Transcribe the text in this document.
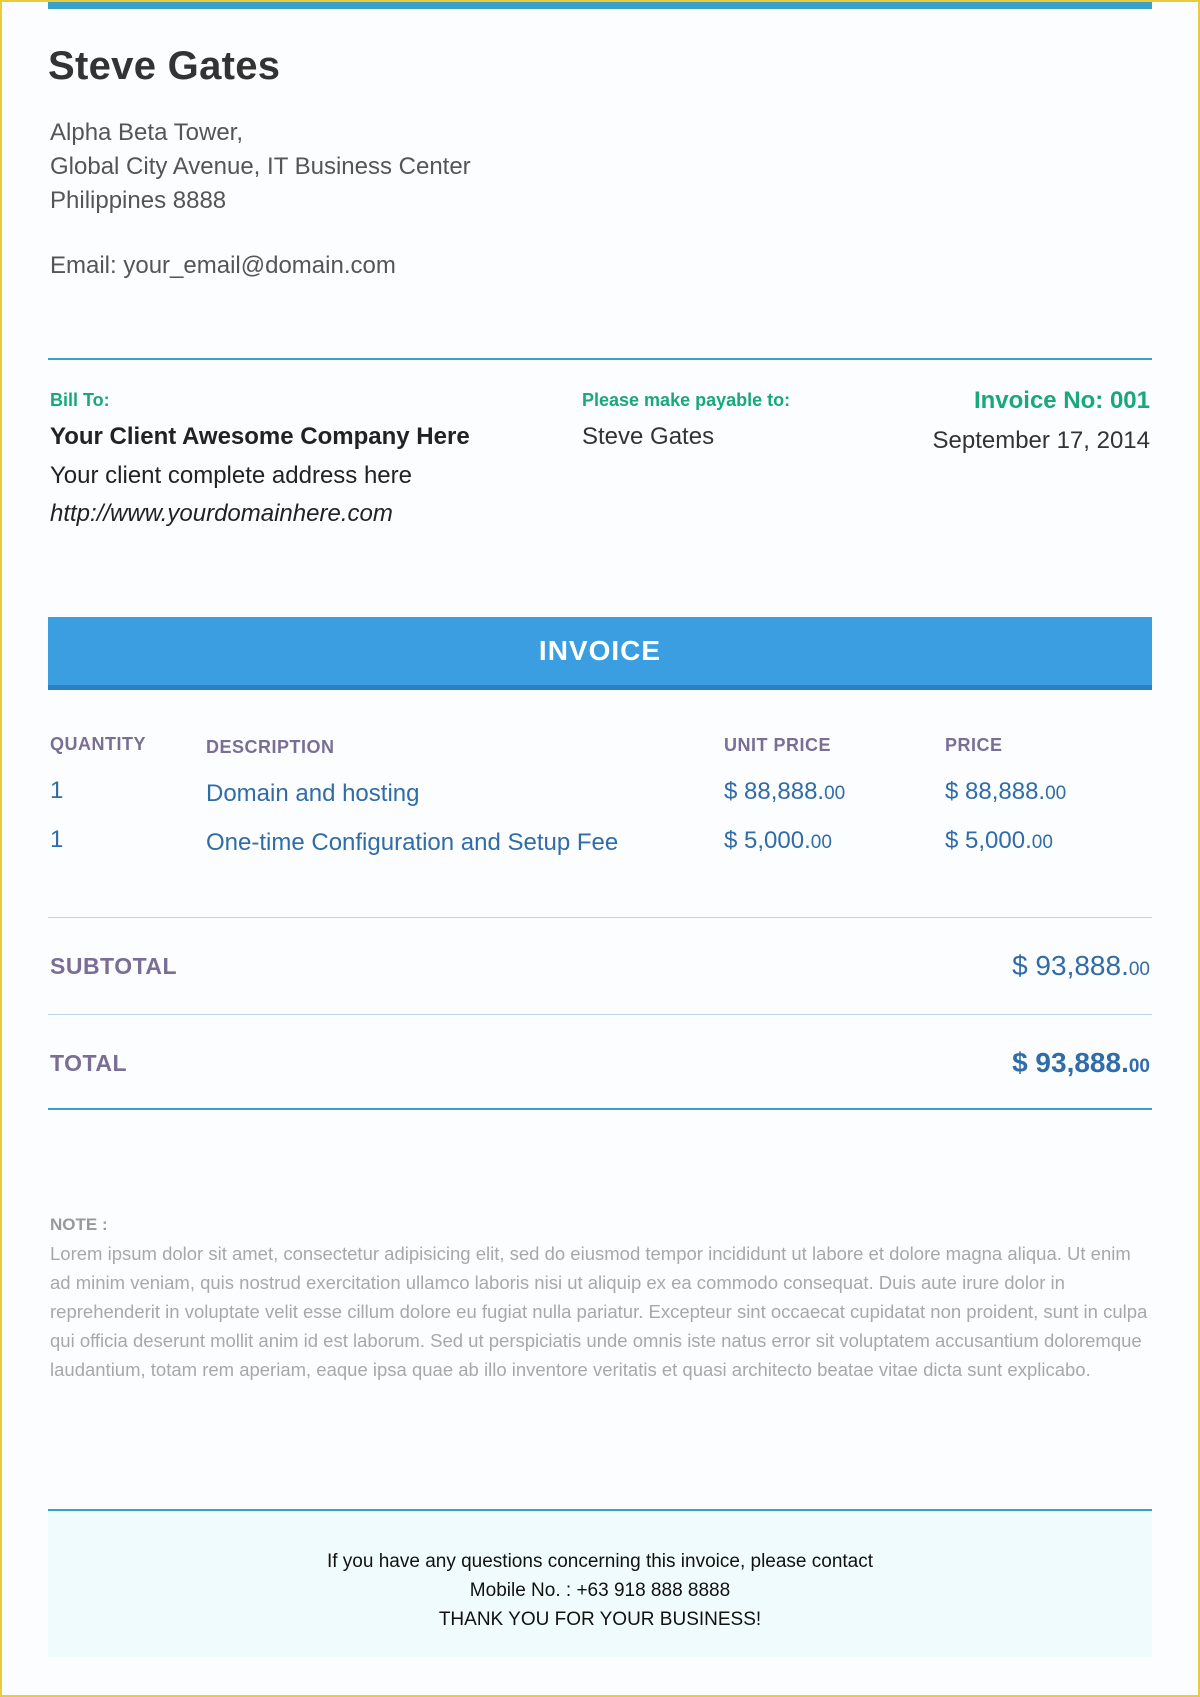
Steve Gates
Alpha Beta Tower,
Global City Avenue, IT Business Center
Philippines 8888
Email: your_email@domain.com
Bill To:
Your Client Awesome Company Here
Your client complete address here
http://www.yourdomainhere.com
Please make payable to:
Steve Gates
Invoice No: 001
September 17, 2014
INVOICE
QUANTITY	DESCRIPTION	UNIT PRICE	PRICE
1	Domain and hosting	$ 88,888.00	$ 88,888.00
1	One-time Configuration and Setup Fee	$ 5,000.00	$ 5,000.00
SUBTOTAL	$ 93,888.00
TOTAL	$ 93,888.00
NOTE :
Lorem ipsum dolor sit amet, consectetur adipisicing elit, sed do eiusmod tempor incididunt ut labore et dolore magna aliqua. Ut enim ad minim veniam, quis nostrud exercitation ullamco laboris nisi ut aliquip ex ea commodo consequat. Duis aute irure dolor in reprehenderit in voluptate velit esse cillum dolore eu fugiat nulla pariatur. Excepteur sint occaecat cupidatat non proident, sunt in culpa qui officia deserunt mollit anim id est laborum. Sed ut perspiciatis unde omnis iste natus error sit voluptatem accusantium doloremque laudantium, totam rem aperiam, eaque ipsa quae ab illo inventore veritatis et quasi architecto beatae vitae dicta sunt explicabo.
If you have any questions concerning this invoice, please contact
Mobile No. : +63 918 888 8888
THANK YOU FOR YOUR BUSINESS!
